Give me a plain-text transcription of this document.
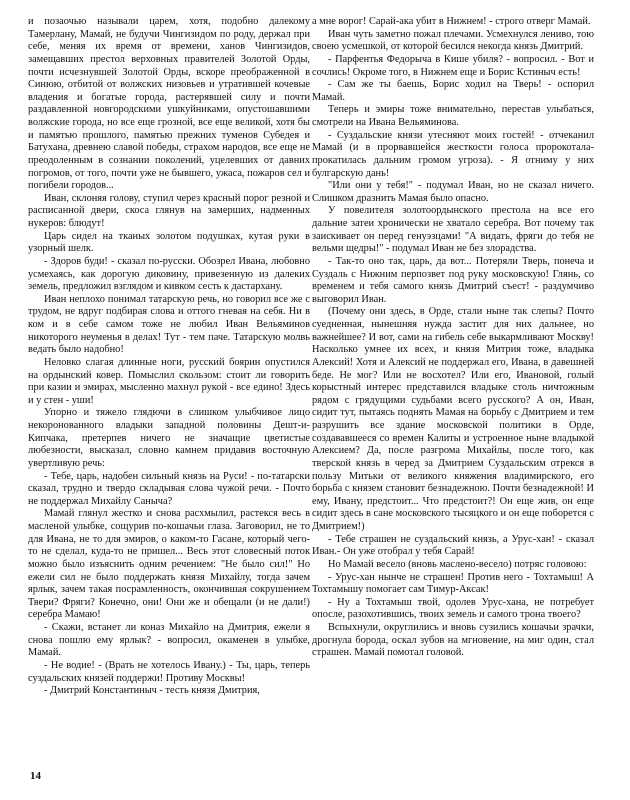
и позаочью называли царем, хотя, подобно далекому Тамерлану, Мамай, не будучи Чингизидом по роду, держал при себе, меняя их время от времени, ханов Чингизидов, замещавших престол верховных правителей Золотой Орды, почти исчезнувшей Золотой Орды, вскоре преображенной в Синюю, отбитой от волжских низовьев и утратившей кочевые владения и богатые города, растерявшей силу и почти раздавленной новгородскими ушкуйниками, опустошавшими волжские города, но все еще грозной, все еще великой, хотя бы и памятью прошлого, памятью прежних туменов Субедея и Батухана, древнею славой победы, страхом народов, все еще не преодоленным в сознании поколений, уцелевших от давних погромов, от того, почти уже не бывшего, ужаса, пожаров сел и погибели городов...

Иван, склоняя голову, ступил через красный порог резной и расписанной двери, скоса глянув на замерших, надменных нукеров: блюдут!

Царь сидел на тканых золотом подушках, кутая руки в узорный шелк.

- Здоров буди! - сказал по-русски. Обозрел Ивана, любовно усмехаясь, как дорогую диковину, привезенную из далеких земель, предложил взглядом и кивком сесть к дастархану.

Иван неплохо понимал татарскую речь, но говорил все же с трудом, не вдруг подбирая слова и оттого гневая на себя. Ни в ком и в себе самом тоже не любил Иван Вельяминов никоторого неуменья в делах! Тут - тем паче. Татарскую молвь ведать было надобно!

Неловко слагая длинные ноги, русский боярин опустился на ордынский ковер. Помыслил скользом: стоит ли говорить при казии и эмирах, мысленно махнул рукой - все едино! Здесь и у стен - уши!

Упорно и тяжело глядючи в слишком улыбчивое лицо некоронованного владыки западной половины Дешт-и-Кипчака, претерпев ничего не значащие цветистые любезности, высказал, словно камнем придавив восточную увертливую речь:

- Тебе, царь, надобен сильный князь на Руси! - по-татарски сказал, трудно и твердо складывая слова чужой речи. - Почто не поддержал Михайлу Саныча?

Мамай глянул жестко и снова расхмылил, растекся весь в масленой улыбке, сощурив по-кошачьи глаза. Заговорил, не то для Ивана, не то для эмиров, о каком-то Гасане, который чего-то не сделал, куда-то не пришел... Весь этот словесный поток можно было изъяснить одним речением: "Не было сил!" Но ежели сил не было поддержать князя Михайлу, тогда зачем ярлык, зачем такая посрамленность, окончившая сокрушением Твери? Фряги? Конечно, они! Они же и обещали (и не дали!) серебра Мамаю!

- Скажи, встанет ли коназ Михайло на Дмитрия, ежели я снова пошлю ему ярлык? - вопросил, окаменев в улыбке, Мамай.

- Не водие! - (Врать не хотелось Ивану.) - Ты, царь, теперь суздальских князей поддержи! Противу Москвы!

- Дмитрий Константиныч - тесть князя Дмитрия,

а мне ворог! Сарай-ака убит в Нижнем! - строго отверг Мамай.

Иван чуть заметно пожал плечами. Усмехнулся лениво, тою своею усмешкой, от которой бесился некогда князь Дмитрий.

- Парфентья Федорыча в Кише убиля? - вопросил. - Вот и сочлись! Окроме того, в Нижнем еще и Борис Кстиныч есть!

- Сам же ты баешь, Борис ходил на Тверь! - оспорил Мамай.

Теперь и эмиры тоже внимательно, перестав улыбаться, смотрели на Ивана Вельяминова.

- Суздальские князи утесняют моих гостей! - отчеканил Мамай (и в прорвавшейся жесткости голоса пророкотала-прокатилась дальним громом угроза). - Я отниму у них булгарскую дань!

"Или они у тебя!" - подумал Иван, но не сказал ничего. Слишком дразнить Мамая было опасно.

У повелителя золотоордынского престола на все его дальние затеи хронически не хватало серебра. Вот почему так заискивает он перед генуэзцами! "А видать, фряги до тебя не вельми щедры!" - подумал Иван не без злорадства.

- Так-то оно так, царь, да вот... Потеряли Тверь, понеча и Суздаль с Нижним перпозвет под руку московскую! Глянь, со временем и тебя самого князь Дмитрий съест! - раздумчиво выговорил Иван.

(Почему они здесь, в Орде, стали ныне так слепы? Почто суедненная, нынешняя нужда застит для них дальнее, но важнейшее? И вот, сами на гибель себе выкармливают Москву! Насколько умнее их всех, и князя Митрия тоже, владыка Алексий! Хотя и Алексий не поддержал его, Ивана, в давешней беде. Не мог? Или не восхотел? Или его, Ивановой, голый корыстный интерес представился владыке столь ничтожным рядом с грядущими судьбами всего русского? А он, Иван, сидит тут, пытаясь поднять Мамая на борьбу с Дмитрием и тем разрушить все здание московской политики в Орде, создававшееся со времен Калиты и устроенное ныне владыкой Алексием? Да, после разгрома Михайлы, после того, как тверской князь в черед за Дмитрием Суздальским отрекся в пользу Митьки от великого княжения владимирского, его борьба с князем становит безнадежною. Почти безнадежной! И ему, Ивану, предстоит... Что предстоит?! Он еще жив, он еще сидит здесь в сане московского тысяцкого и он еще поборется с Дмитрием!)

- Тебе страшен не суздальский князь, а Урус-хан! - сказал Иван.- Он уже отобрал у тебя Сарай!

Но Мамай весело (вновь маслено-весело) потряс головою:

- Урус-хан нынче не страшен! Против него - Тохтамыш! А Тохтамышу помогает сам Тимур-Аксак!

- Ну а Тохтамыш твой, одолев Урус-хана, не потребует опосле, разохотившись, твоих земель и самого трона твоего?

Вспыхнули, округлились и вновь сузились кошачьи зрачки, дрогнула борода, оскал зубов на мгновение, на миг один, стал страшен. Мамай помотал головой.

14
